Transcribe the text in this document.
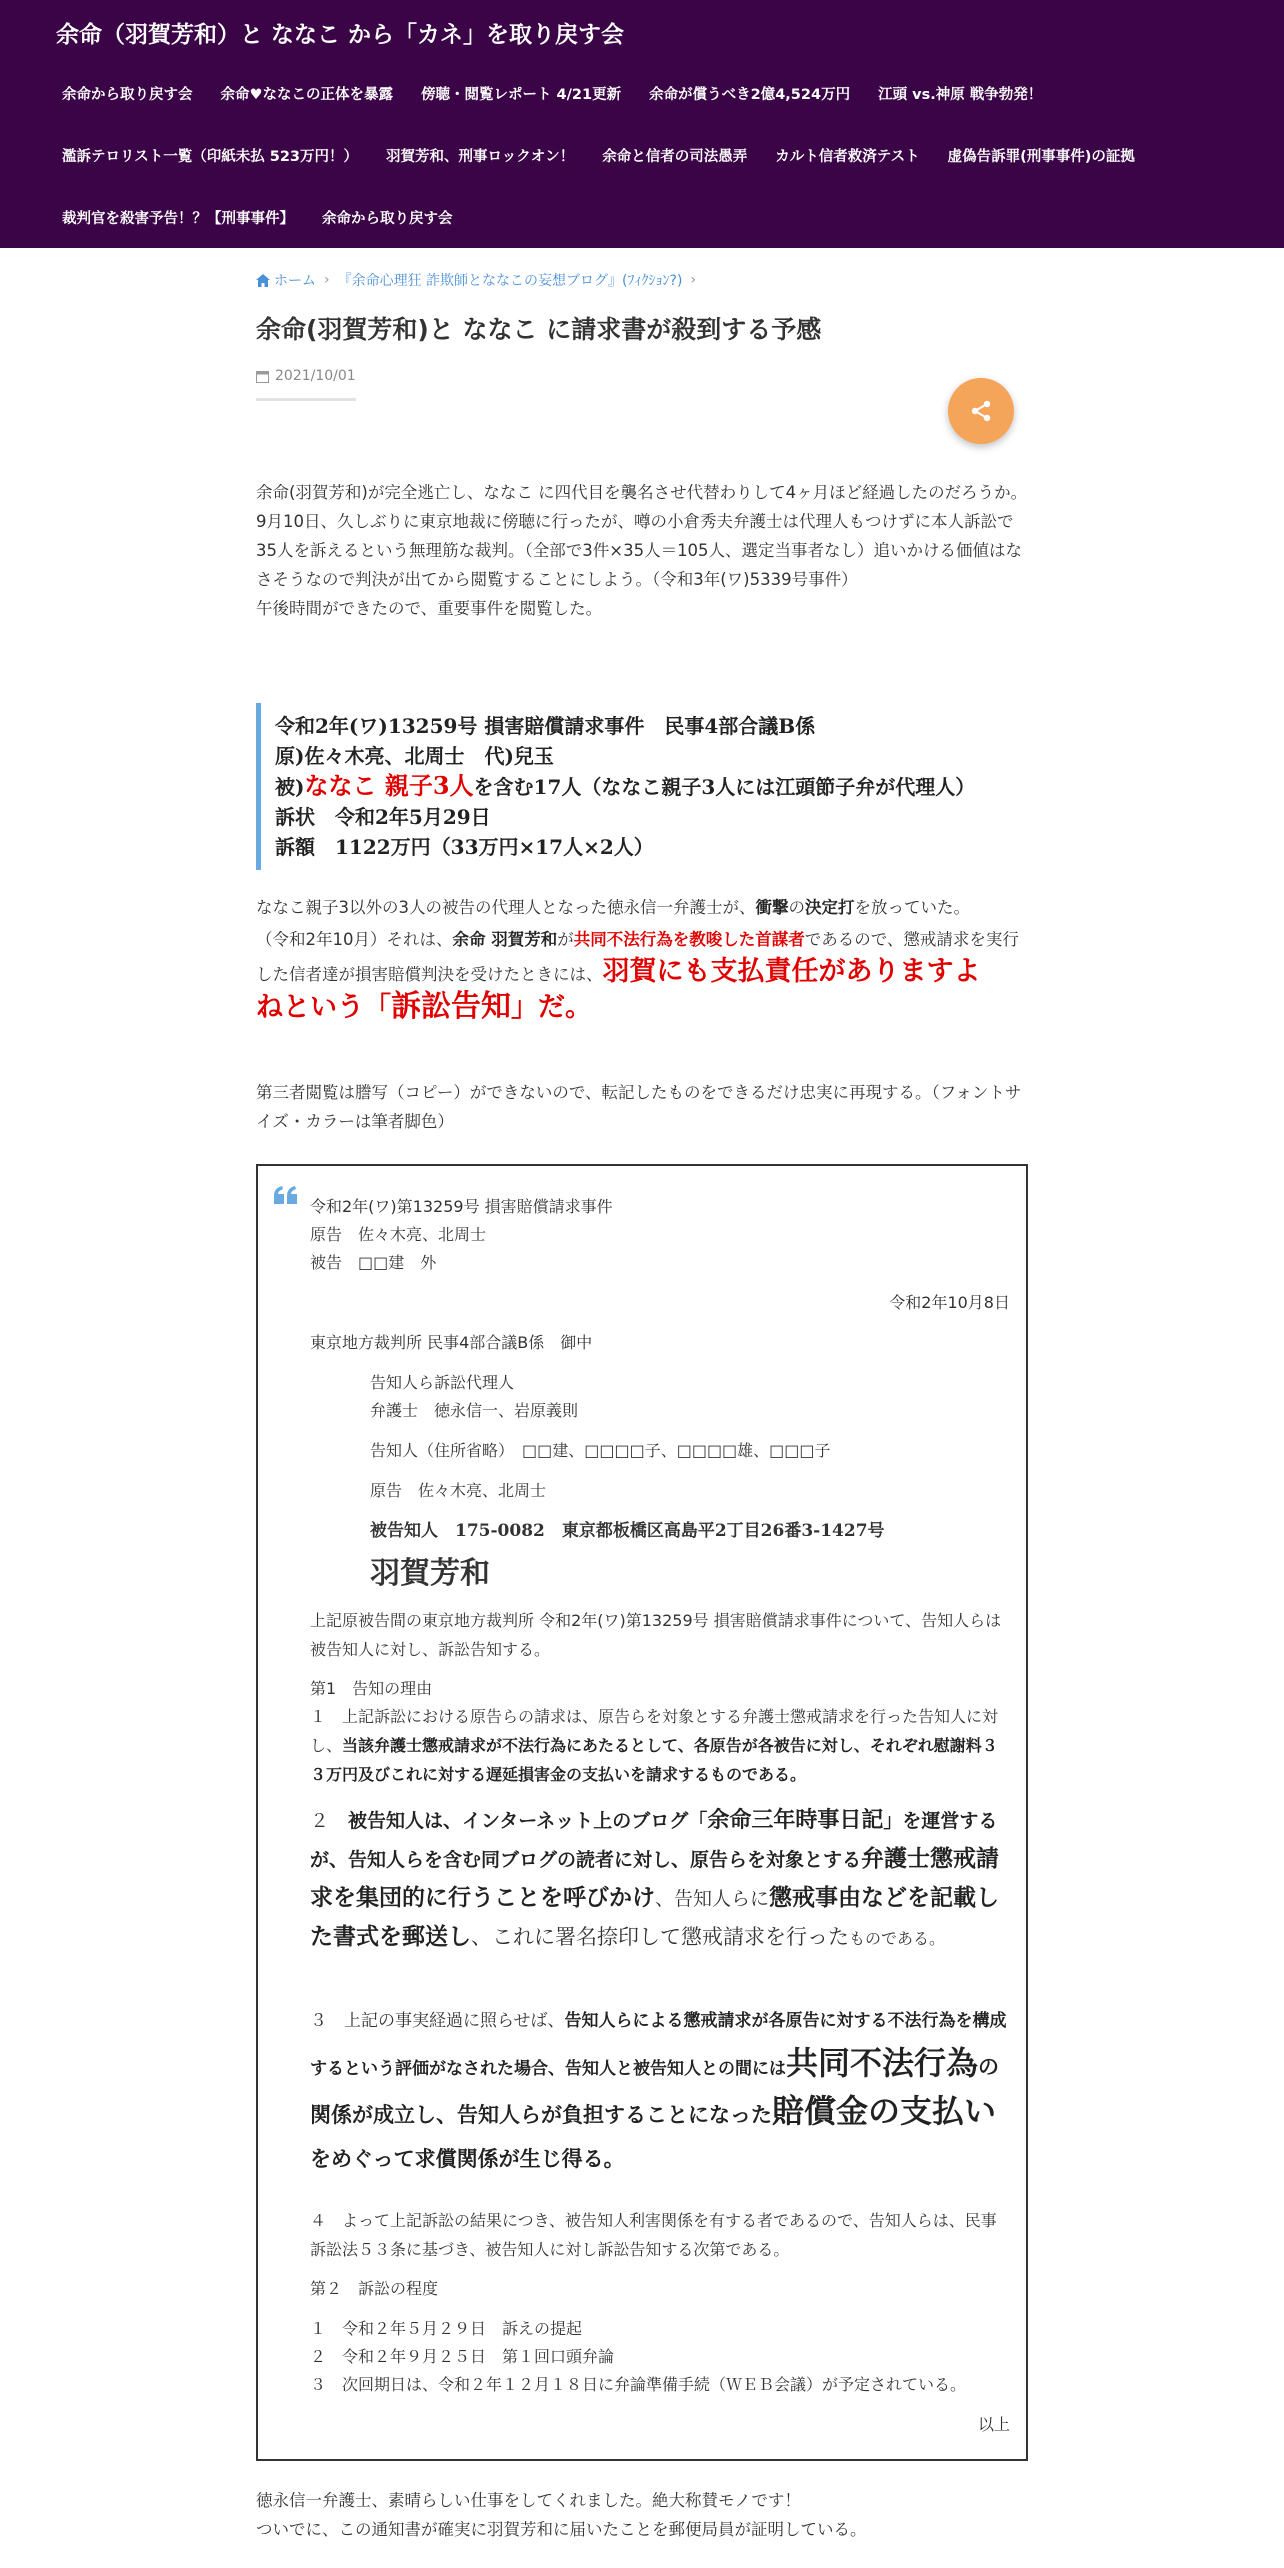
余命（羽賀芳和）と ななこ から「カネ」を取り戻す会
余命から取り戻す会 余命♥ななこの正体を暴露 傍聴・閲覧レポート 4/21更新 余命が償うべき2億4,524万円 江頭 vs.神原 戦争勃発！
濫訴テロリスト一覧（印紙未払 523万円！） 羽賀芳和、刑事ロックオン！ 余命と信者の司法愚弄 カルト信者救済テスト 虚偽告訴罪(刑事事件)の証拠
裁判官を殺害予告！？【刑事事件】 余命から取り戻す会
ホーム › 『余命心理狂 詐欺師とななこの妄想ブログ』(ﾌｨｸｼｮﾝ?) ›
余命(羽賀芳和)と ななこ に請求書が殺到する予感
2021/10/01

余命(羽賀芳和)が完全逃亡し、ななこ に四代目を襲名させ代替わりして4ヶ月ほど経過したのだろうか。

9月10日、久しぶりに東京地裁に傍聴に行ったが、噂の小倉秀夫弁護士は代理人もつけずに本人訴訟で35人を訴えるという無理筋な裁判。（全部で3件×35人＝105人、選定当事者なし）追いかける価値はなさそうなので判決が出てから閲覧することにしよう。（令和3年(ワ)5339号事件）

午後時間ができたので、重要事件を閲覧した。

令和2年(ワ)13259号 損害賠償請求事件　民事4部合議B係
原)佐々木亮、北周士　代)兒玉
被)ななこ 親子3人を含む17人（ななこ親子3人には江頭節子弁が代理人）
訴状　令和2年5月29日
訴額　1122万円（33万円×17人×2人）
ななこ親子3以外の3人の被告の代理人となった徳永信一弁護士が、衝撃の決定打を放っていた。
（令和2年10月）それは、余命 羽賀芳和が共同不法行為を教唆した首謀者であるので、懲戒請求を実行した信者達が損害賠償判決を受けたときには、羽賀にも支払責任がありますよ
ねという「訴訟告知」だ。
第三者閲覧は謄写（コピー）ができないので、転記したものをできるだけ忠実に再現する。（フォントサイズ・カラーは筆者脚色）
令和2年(ワ)第13259号 損害賠償請求事件
原告　佐々木亮、北周士
被告　□□建　外
令和2年10月8日
東京地方裁判所 民事4部合議B係　御中
告知人ら訴訟代理人
弁護士　徳永信一、岩原義則
告知人（住所省略）　□□建、□□□□子、□□□□雄、□□□子
原告　佐々木亮、北周士
被告知人　175-0082　東京都板橋区高島平2丁目26番3-1427号
羽賀芳和
上記原被告間の東京地方裁判所 令和2年(ワ)第13259号 損害賠償請求事件について、告知人らは被告知人に対し、訴訟告知する。
第1　告知の理由
１　上記訴訟における原告らの請求は、原告らを対象とする弁護士懲戒請求を行った告知人に対し、当該弁護士懲戒請求が不法行為にあたるとして、各原告が各被告に対し、それぞれ慰謝料３３万円及びこれに対する遅延損害金の支払いを請求するものである。
２　被告知人は、インターネット上のブログ「余命三年時事日記」を運営するが、告知人らを含む同ブログの読者に対し、原告らを対象とする弁護士懲戒請求を集団的に行うことを呼びかけ、告知人らに懲戒事由などを記載した書式を郵送し、これに署名捺印して懲戒請求を行ったものである。
３　上記の事実経過に照らせば、告知人らによる懲戒請求が各原告に対する不法行為を構成するという評価がなされた場合、告知人と被告知人との間には共同不法行為の関係が成立し、告知人らが負担することになった賠償金の支払いをめぐって求償関係が生じ得る。
４　よって上記訴訟の結果につき、被告知人利害関係を有する者であるので、告知人らは、民事訴訟法５３条に基づき、被告知人に対し訴訟告知する次第である。
第２　訴訟の程度
１　令和２年５月２９日　訴えの提起
２　令和２年９月２５日　第１回口頭弁論
３　次回期日は、令和２年１２月１８日に弁論準備手続（ＷＥＢ会議）が予定されている。
以上

徳永信一弁護士、素晴らしい仕事をしてくれました。絶大称賛モノです！

ついでに、この通知書が確実に羽賀芳和に届いたことを郵便局員が証明している。
